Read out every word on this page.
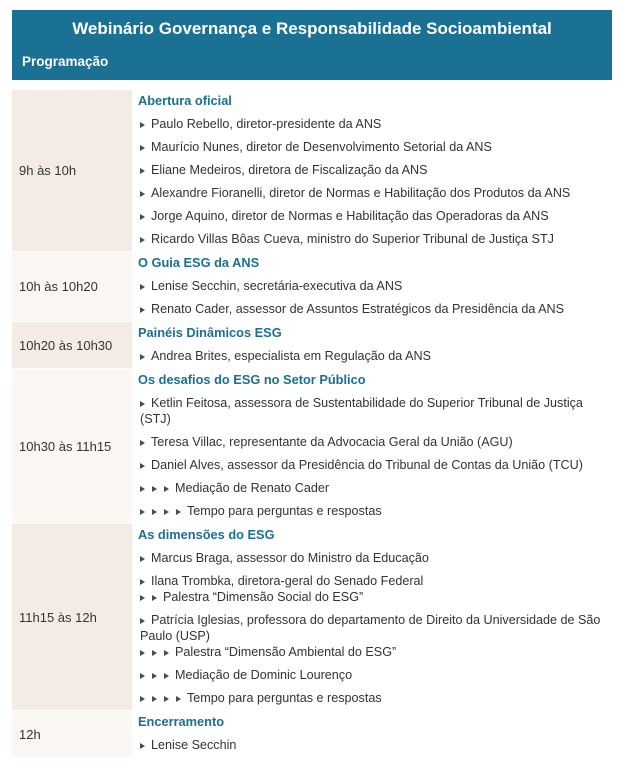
Webinário Governança e Responsabilidade Socioambiental
Programação
9h às 10h
Abertura oficial
Paulo Rebello, diretor-presidente da ANS
Maurício Nunes, diretor de Desenvolvimento Setorial da ANS
Eliane Medeiros, diretora de Fiscalização da ANS
Alexandre Fioranelli, diretor de Normas e Habilitação dos Produtos da ANS
Jorge Aquino, diretor de Normas e Habilitação das Operadoras da ANS
Ricardo Villas Bôas Cueva, ministro do Superior Tribunal de Justiça STJ
10h às 10h20
O Guia ESG da ANS
Lenise Secchin, secretária-executiva da ANS
Renato Cader, assessor de Assuntos Estratégicos da Presidência da ANS
10h20 às 10h30
Painéis Dinâmicos ESG
Andrea Brites, especialista em Regulação da ANS
10h30 às 11h15
Os desafios do ESG no Setor Público
Ketlin Feitosa, assessora de Sustentabilidade do Superior Tribunal de Justiça (STJ)
Teresa Villac, representante da Advocacia Geral da União (AGU)
Daniel Alves, assessor da Presidência do Tribunal de Contas da União (TCU)
Mediação de Renato Cader
Tempo para perguntas e respostas
11h15 às 12h
As dimensões do ESG
Marcus Braga, assessor do Ministro da Educação
Ilana Trombka, diretora-geral do Senado Federal
Palestra “Dimensão Social do ESG”
Patrícia Iglesias, professora do departamento de Direito da Universidade de São Paulo (USP)
Palestra “Dimensão Ambiental do ESG”
Mediação de Dominic Lourenço
Tempo para perguntas e respostas
12h
Encerramento
Lenise Secchin
